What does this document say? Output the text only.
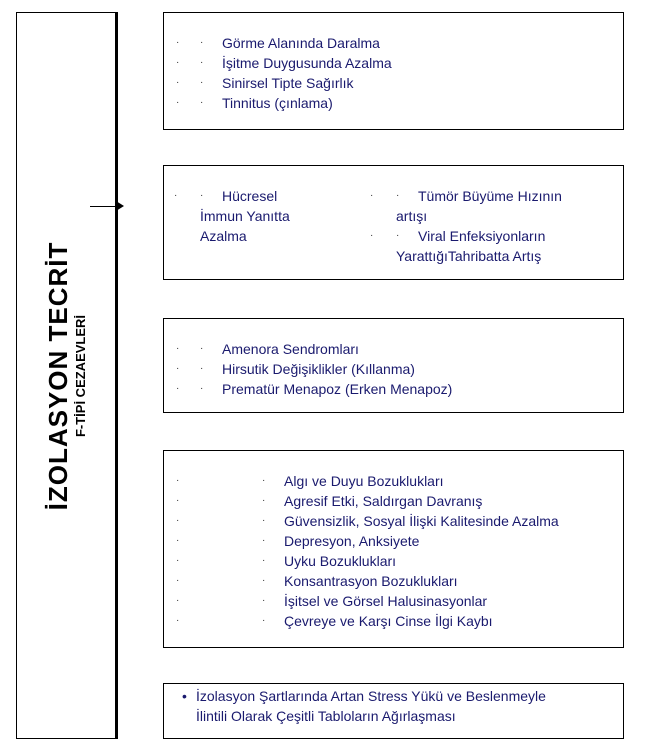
İZOLASYON TECRİT F-TİPİ CEZAEVLERİ
· · Görme Alanında Daralma
· · İşitme Duygusunda Azalma
· · Sinirsel Tipte Sağırlık
· · Tinnitus (çınlama)
· ·	Hücresel
İmmun Yanıtta
Azalma
· ·	Tümör Büyüme Hızının
artışı
· ·	Viral Enfeksiyonların
YarattığıTahribatta Artış
· · Amenora Sendromları
· · Hirsutik Değişiklikler (Kıllanma)
· · Prematür Menapoz (Erken Menapoz)
·	· Algı ve Duyu Bozuklukları
·	· Agresif Etki, Saldırgan Davranış
·	· Güvensizlik, Sosyal İlişki Kalitesinde Azalma
·	· Depresyon, Anksiyete
·	· Uyku Bozuklukları
·	· Konsantrasyon Bozuklukları
·	· İşitsel ve Görsel Halusinasyonlar
·	· Çevreye ve Karşı Cinse İlgi Kaybı
• İzolasyon Şartlarında Artan Stress Yükü ve Beslenmeyle
İlintili Olarak Çeşitli Tabloların Ağırlaşması
